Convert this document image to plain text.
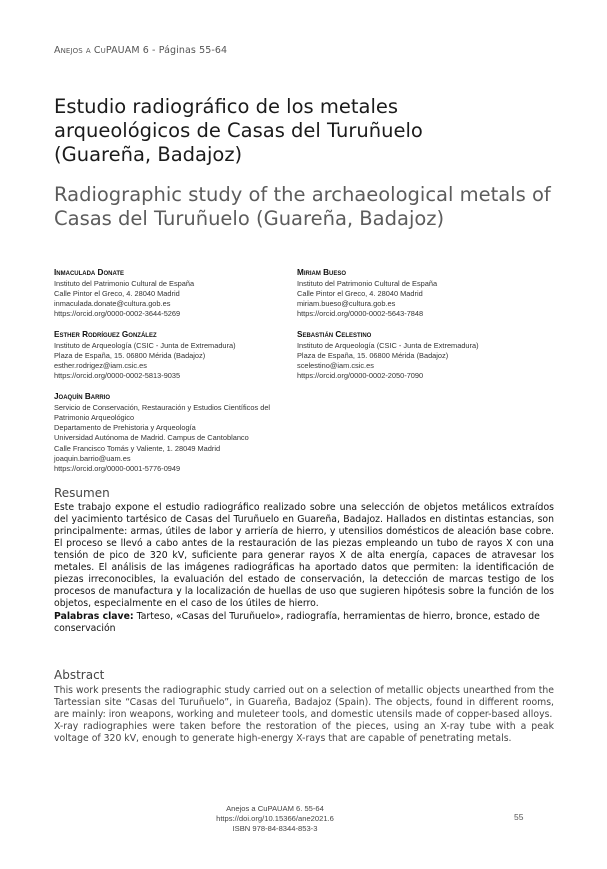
Anejos a CuPAUAM 6 - Páginas 55-64
Estudio radiográfico de los metales arqueológicos de Casas del Turuñuelo (Guareña, Badajoz)
Radiographic study of the archaeological metals of Casas del Turuñuelo (Guareña, Badajoz)
Inmaculada Donate
Instituto del Patrimonio Cultural de España
Calle Pintor el Greco, 4. 28040 Madrid
inmaculada.donate@cultura.gob.es
https://orcid.org/0000-0002-3644-5269
Miriam Bueso
Instituto del Patrimonio Cultural de España
Calle Pintor el Greco, 4. 28040 Madrid
miriam.bueso@cultura.gob.es
https://orcid.org/0000-0002-5643-7848
Esther Rodríguez González
Instituto de Arqueología (CSIC - Junta de Extremadura)
Plaza de España, 15. 06800 Mérida (Badajoz)
esther.rodrigez@iam.csic.es
https://orcid.org/0000-0002-5813-9035
Sebastián Celestino
Instituto de Arqueología (CSIC - Junta de Extremadura)
Plaza de España, 15. 06800 Mérida (Badajoz)
scelestino@iam.csic.es
https://orcid.org/0000-0002-2050-7090
Joaquín Barrio
Servicio de Conservación, Restauración y Estudios Científicos del
Patrimonio Arqueológico
Departamento de Prehistoria y Arqueología
Universidad Autónoma de Madrid. Campus de Cantoblanco
Calle Francisco Tomás y Valiente, 1. 28049 Madrid
joaquin.barrio@uam.es
https://orcid.org/0000-0001-5776-0949
Resumen

Este trabajo expone el estudio radiográfico realizado sobre una selección de objetos metálicos extraídos del yacimiento tartésico de Casas del Turuñuelo en Guareña, Badajoz. Hallados en distintas estancias, son principalmente: armas, útiles de labor y arriería de hierro, y utensilios domésticos de aleación base cobre. El proceso se llevó a cabo antes de la restauración de las piezas empleando un tubo de rayos X con una tensión de pico de 320 kV, suficiente para generar rayos X de alta energía, capaces de atravesar los metales. El análisis de las imágenes radiográficas ha aportado datos que permiten: la identificación de piezas irreconocibles, la evaluación del estado de conservación, la detección de marcas testigo de los procesos de manufactura y la localización de huellas de uso que sugieren hipótesis sobre la función de los objetos, especialmente en el caso de los útiles de hierro.

Palabras clave: Tarteso, «Casas del Turuñuelo», radiografía, herramientas de hierro, bronce, estado de conservación
Abstract

This work presents the radiographic study carried out on a selection of metallic objects unearthed from the Tartessian site “Casas del Turuñuelo”, in Guareña, Badajoz (Spain). The objects, found in different rooms, are mainly: iron weapons, working and muleteer tools, and domestic utensils made of copper-based alloys.

X-ray radiographies were taken before the restoration of the pieces, using an X-ray tube with a peak voltage of 320 kV, enough to generate high-energy X-rays that are capable of penetrating metals.

Anejos a CuPAUAM 6. 55-64
https://doi.org/10.15366/ane2021.6
ISBN 978-84-8344-853-3
55
